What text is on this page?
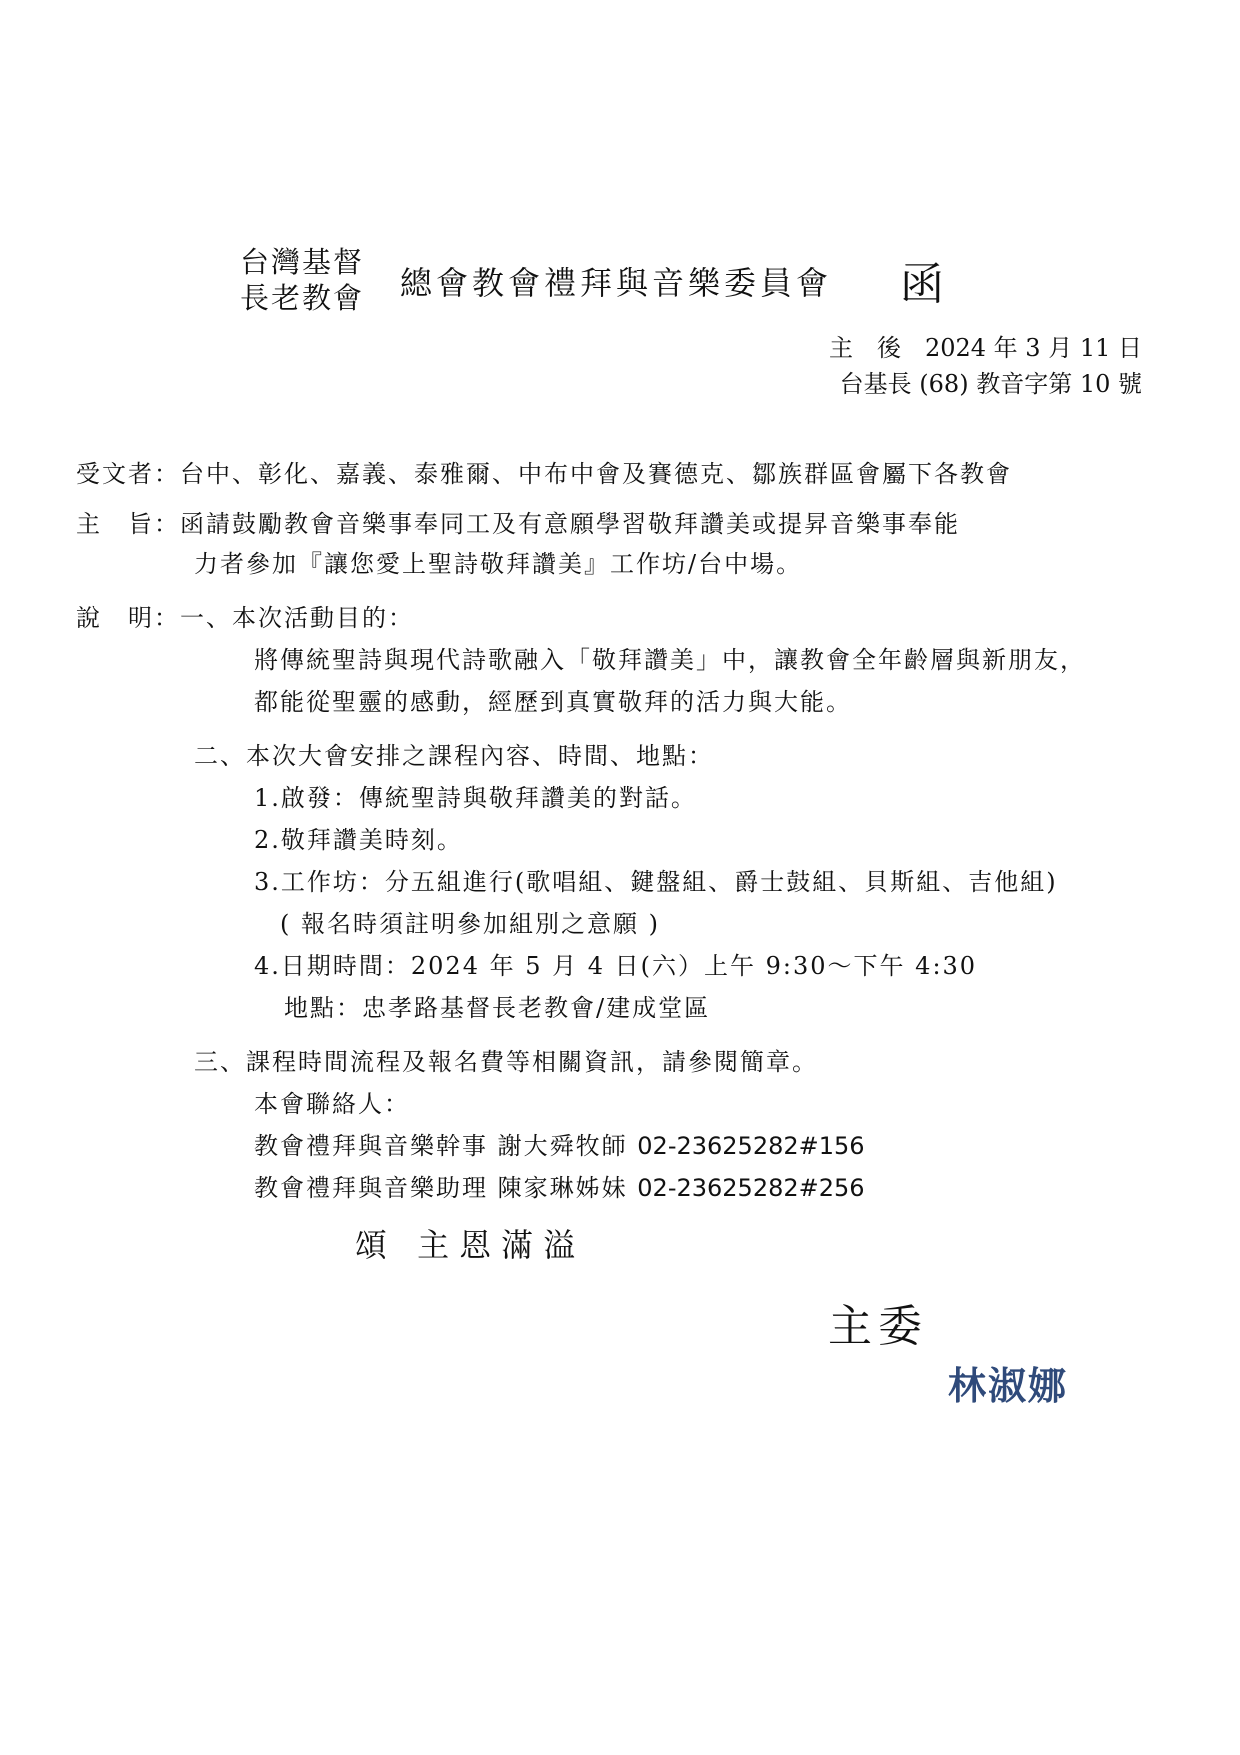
台灣基督
長老教會 總會教會禮拜與音樂委員會 函
主　後　2024 年 3 月 11 日
台基長 (68) 教音字第 10 號
受文者：台中、彰化、嘉義、泰雅爾、中布中會及賽德克、鄒族群區會屬下各教會
主　旨：函請鼓勵教會音樂事奉同工及有意願學習敬拜讚美或提昇音樂事奉能
力者參加『讓您愛上聖詩敬拜讚美』工作坊/台中場。
說　明：一、本次活動目的：
將傳統聖詩與現代詩歌融入「敬拜讚美」中，讓教會全年齡層與新朋友，
都能從聖靈的感動，經歷到真實敬拜的活力與大能。
二、本次大會安排之課程內容、時間、地點：
1.啟發：傳統聖詩與敬拜讚美的對話。
2.敬拜讚美時刻。
3.工作坊：分五組進行(歌唱組、鍵盤組、爵士鼓組、貝斯組、吉他組)
( 報名時須註明參加組別之意願 )
4.日期時間：2024 年 5 月 4 日(六）上午 9:30～下午 4:30
地點：忠孝路基督長老教會/建成堂區
三、課程時間流程及報名費等相關資訊，請參閱簡章。
本會聯絡人：
教會禮拜與音樂幹事 謝大舜牧師 02-23625282#156
教會禮拜與音樂助理 陳家琳姊妹 02-23625282#256
頌 主恩滿溢
主委
林淑娜
